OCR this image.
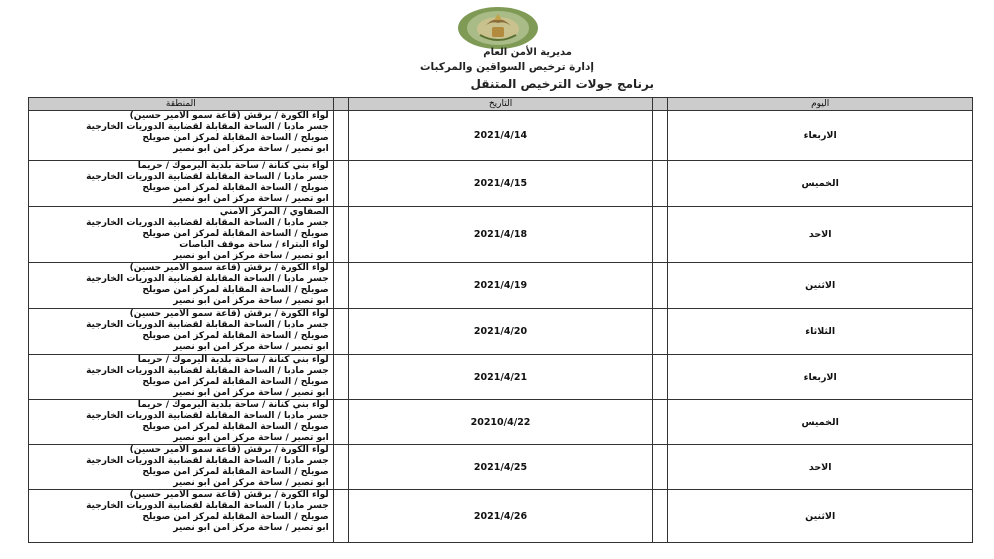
مديرية الأمن العام
إدارة ترخيص السواقين والمركبات
برنامج جولات الترخيص المتنقل
اليوم		التاريخ		المنطقة
الاربعاء		2021/4/14		لواء الكورة / برقش (قاعة سمو الامير حسين)
جسر مادبا / الساحة المقابلة لقضابية الدوريات الخارجية
صويلح / الساحة المقابلة لمركز امن صويلح
ابو تصير / ساحة مركز امن ابو نصير

الخميس		2021/4/15		لواء بني كنانة / ساحة بلدية اليرموك / حريما
جسر مادبا / الساحة المقابلة لقضابية الدوريات الخارجية
صويلح / الساحة المقابلة لمركز امن صويلح
ابو تصير / ساحة مركز امن ابو نصير

الاحد		2021/4/18		الصفاوي / المركز الأمني
جسر مادبا / الساحة المقابلة لقضابية الدوريات الخارجية
صويلح / الساحة المقابلة لمركز امن صويلح
لواء البتراء / ساحة موقف الباصات
ابو تصير / ساحة مركز امن ابو نصير

الاثنين		2021/4/19		لواء الكورة / برقش (قاعة سمو الامير حسين)
جسر مادبا / الساحة المقابلة لقضابية الدوريات الخارجية
صويلح / الساحة المقابلة لمركز امن صويلح
ابو تصير / ساحة مركز امن ابو نصير

الثلاثاء		2021/4/20		لواء الكورة / برقش (قاعة سمو الامير حسين)
جسر مادبا / الساحة المقابلة لقضابية الدوريات الخارجية
صويلح / الساحة المقابلة لمركز امن صويلح
ابو تصير / ساحة مركز امن ابو نصير

الاربعاء		2021/4/21		لواء بني كنانة / ساحة بلدية اليرموك / حريما
جسر مادبا / الساحة المقابلة لقضابية الدوريات الخارجية
صويلح / الساحة المقابلة لمركز امن صويلح
ابو تصير / ساحة مركز امن ابو نصير

الخميس		20210/4/22		لواء بني كنانة / ساحة بلدية اليرموك / حريما
جسر مادبا / الساحة المقابلة لقضابية الدوريات الخارجية
صويلح / الساحة المقابلة لمركز امن صويلح
ابو تصير / ساحة مركز امن ابو نصير

الاحد		2021/4/25		لواء الكورة / برقش (قاعة سمو الامير حسين)
جسر مادبا / الساحة المقابلة لقضابية الدوريات الخارجية
صويلح / الساحة المقابلة لمركز امن صويلح
ابو تصير / ساحة مركز امن ابو نصير

الاثنين		2021/4/26		لواء الكورة / برقش (قاعة سمو الامير حسين)
جسر مادبا / الساحة المقابلة لقضابية الدوريات الخارجية
صويلح / الساحة المقابلة لمركز امن صويلح
ابو تصير / ساحة مركز امن ابو نصير
